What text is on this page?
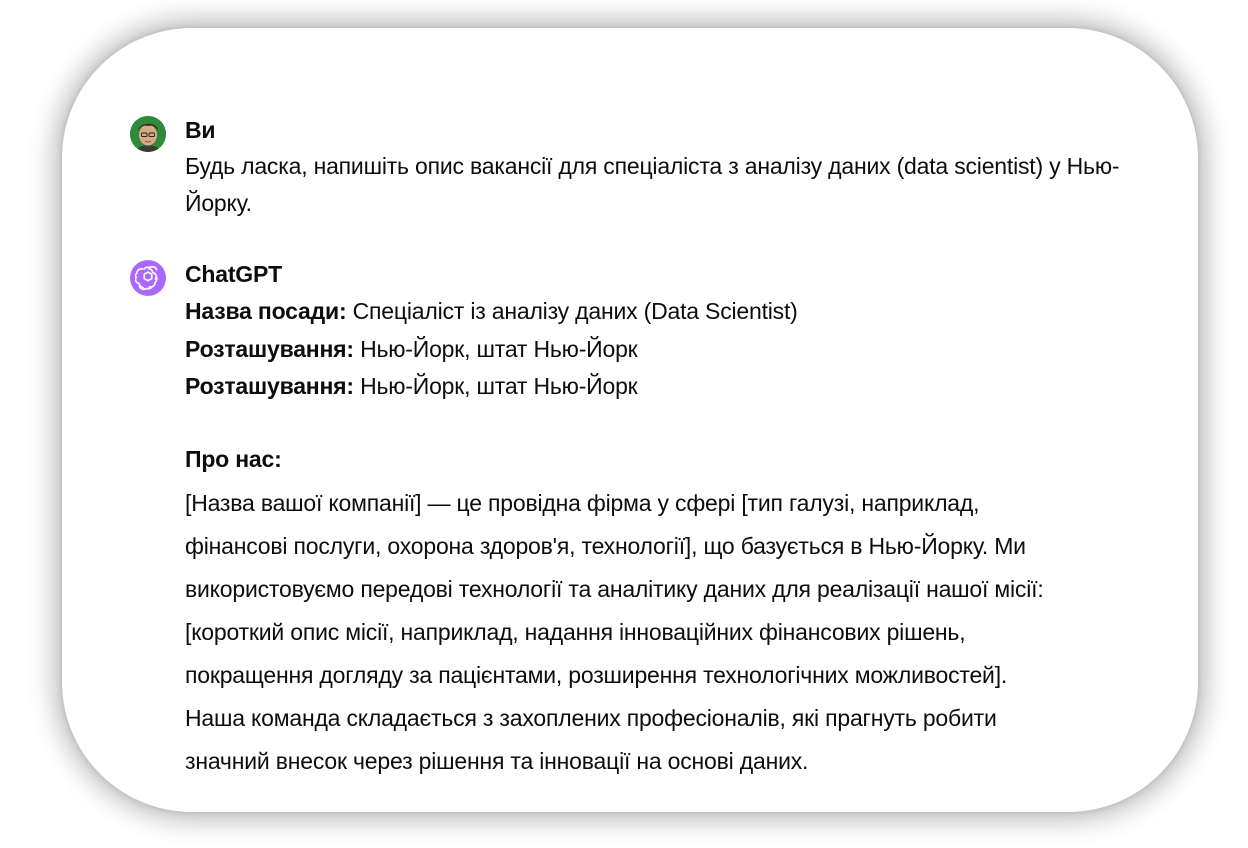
Ви

Будь ласка, напишіть опис вакансії для спеціаліста з аналізу даних (data scientist) у Нью-Йорку.

ChatGPT

Назва посади: Спеціаліст із аналізу даних (Data Scientist)

Розташування: Нью-Йорк, штат Нью-Йорк

Розташування: Нью-Йорк, штат Нью-Йорк

Про нас:

[Назва вашої компанії] — це провідна фірма у сфері [тип галузі, наприклад,

фінансові послуги, охорона здоров'я, технології], що базується в Нью-Йорку. Ми

використовуємо передові технології та аналітику даних для реалізації нашої місії:

[короткий опис місії, наприклад, надання інноваційних фінансових рішень,

покращення догляду за пацієнтами, розширення технологічних можливостей].

Наша команда складається з захоплених професіоналів, які прагнуть робити

значний внесок через рішення та інновації на основі даних.
